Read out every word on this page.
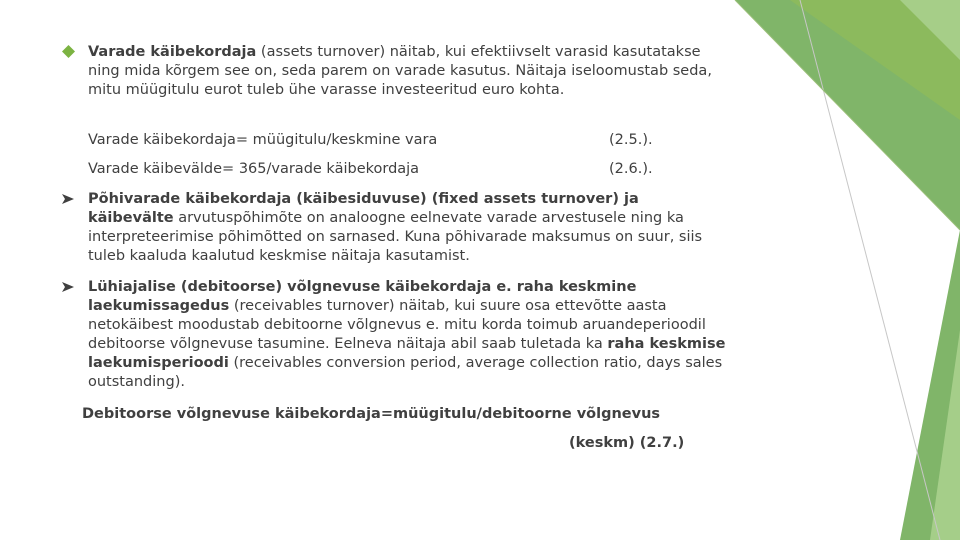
Varade käibekordaja (assets turnover) näitab, kui efektiivselt varasid kasutatakse ning mida kõrgem see on, seda parem on varade kasutus. Näitaja iseloomustab seda, mitu müügitulu eurot tuleb ühe varasse investeeritud euro kohta.
Varade käibekordaja= müügitulu/keskmine vara	(2.5.).
Varade käibevälde= 365/varade käibekordaja	(2.6.).
Põhivarade käibekordaja (käibesiduvuse) (fixed assets turnover) ja käibevälte arvutuspõhimõte on analoogne eelnevate varade arvestusele ning ka interpreteerimise põhimõtted on sarnased. Kuna põhivarade maksumus on suur, siis tuleb kaaluda kaalutud keskmise näitaja kasutamist.
Lühiajalise (debitoorse) võlgnevuse käibekordaja e. raha keskmine laekumissagedus (receivables turnover) näitab, kui suure osa ettevõtte aasta netokäibest moodustab debitoorne võlgnevus e. mitu korda toimub aruandeperioodil debitoorse võlgnevuse tasumine. Eelneva näitaja abil saab tuletada ka raha keskmise laekumisperioodi (receivables conversion period, average collection ratio, days sales outstanding).
Debitoorse võlgnevuse käibekordaja=müügitulu/debitoorne võlgnevus
(keskm) (2.7.)
